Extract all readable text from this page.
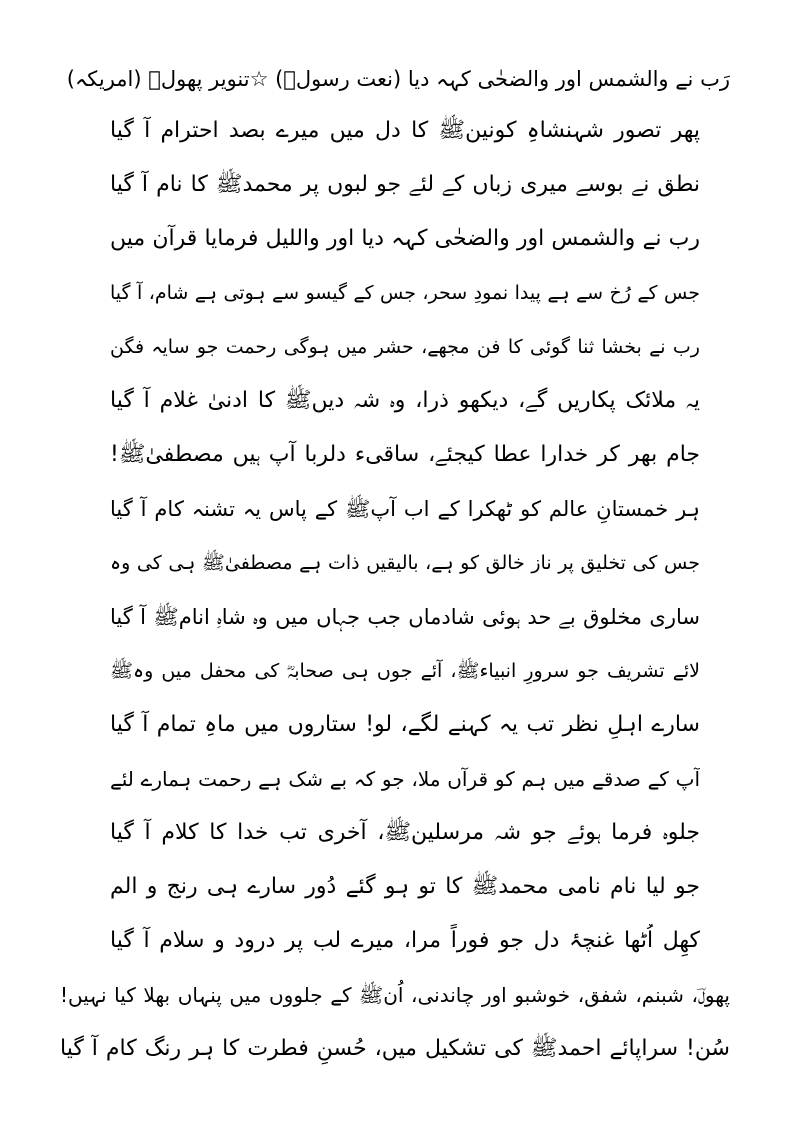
رَب نے والشمس اور والضحٰی کہہ دیا (نعت رسولﷺ) ☆تنویر پھولؔ (امریکہ)
پھر تصور شہنشاہِ کونینﷺ کا دل میں میرے بصد احترام آ گیا
نطق نے بوسے میری زباں کے لئے جو لبوں پر محمدﷺ کا نام آ گیا
رب نے والشمس اور والضحٰی کہہ دیا اور واللیل فرمایا قرآن میں
جس کے رُخ سے ہے پیدا نمودِ سحر، جس کے گیسو سے ہوتی ہے شام، آ گیا
رب نے بخشا ثنا گوئی کا فن مجھے، حشر میں ہوگی رحمت جو سایہ فگن
یہ ملائک پکاریں گے، دیکھو ذرا، وہ شہ دیںﷺ کا ادنیٰ غلام آ گیا
جام بھر کر خدارا عطا کیجئے، ساقیء دلربا آپ ہیں مصطفیٰﷺ!
ہر خمستانِ عالم کو ٹھکرا کے اب آپﷺ کے پاس یہ تشنہ کام آ گیا
جس کی تخلیق پر ناز خالق کو ہے، بالیقیں ذات ہے مصطفیٰﷺ ہی کی وہ
ساری مخلوق بے حد ہوئی شادماں جب جہاں میں وہ شاہِ انامﷺ آ گیا
لائے تشریف جو سرورِ انبیاءﷺ، آئے جوں ہی صحابہؓ کی محفل میں وہﷺ
سارے اہلِ نظر تب یہ کہنے لگے، لو! ستاروں میں ماہِ تمام آ گیا
آپ کے صدقے میں ہم کو قرآں ملا، جو کہ بے شک ہے رحمت ہمارے لئے
جلوہ فرما ہوئے جو شہ مرسلینﷺ، آخری تب خدا کا کلام آ گیا
جو لیا نام نامی محمدﷺ کا تو ہو گئے دُور سارے ہی رنج و الم
کھِل اُٹھا غنچۂ دل جو فوراً مرا، میرے لب پر درود و سلام آ گیا
پھولؔ، شبنم، شفق، خوشبو اور چاندنی، اُنﷺ کے جلووں میں پنہاں بھلا کیا نہیں!
سُن! سراپائے احمدﷺ کی تشکیل میں، حُسنِ فطرت کا ہر رنگ کام آ گیا
